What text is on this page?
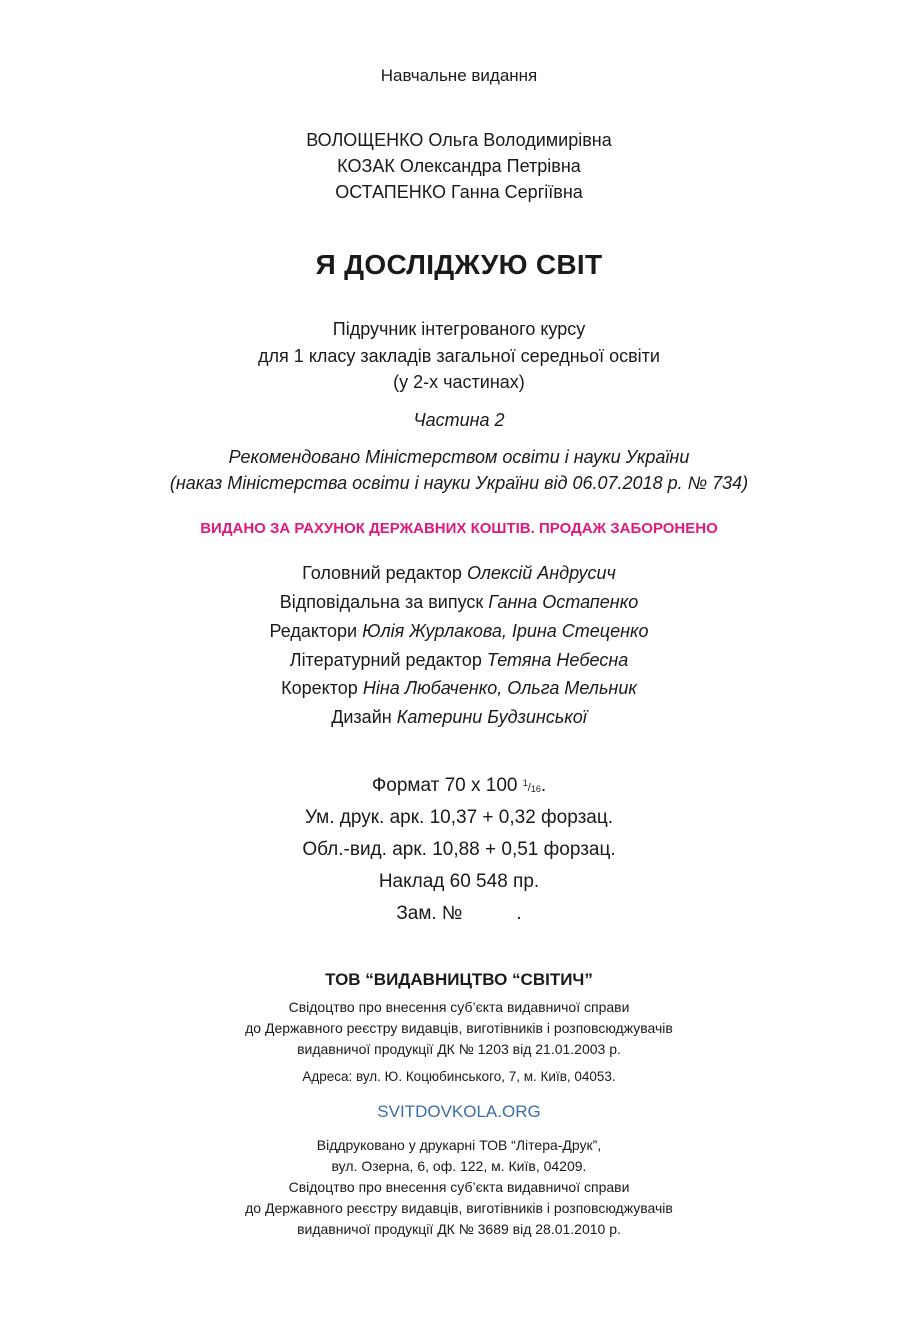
Навчальне видання
ВОЛОЩЕНКО Ольга Володимирівна
КОЗАК Олександра Петрівна
ОСТАПЕНКО Ганна Сергіївна
Я ДОСЛІДЖУЮ СВІТ
Підручник інтегрованого курсу
для 1 класу закладів загальної середньої освіти
(у 2-х частинах)
Частина 2
Рекомендовано Міністерством освіти і науки України
(наказ Міністерства освіти і науки України від 06.07.2018 р. № 734)
ВИДАНО ЗА РАХУНОК ДЕРЖАВНИХ КОШТІВ. ПРОДАЖ ЗАБОРОНЕНО
Головний редактор Олексій Андрусич
Відповідальна за випуск Ганна Остапенко
Редактори Юлія Журлакова, Ірина Стеценко
Літературний редактор Тетяна Небесна
Коректор Ніна Любаченко, Ольга Мельник
Дизайн Катерини Будзинської
Формат 70 х 100 $^1/_{16}$.
Ум. друк. арк. 10,37 + 0,32 форзац.
Обл.-вид. арк. 10,88 + 0,51 форзац.
Наклад 60 548 пр.
Зам. №	.
ТОВ “ВИДАВНИЦТВО “СВІТИЧ”
Свідоцтво про внесення суб’єкта видавничої справи
до Державного реєстру видавців, виготівників і розповсюджувачів
видавничої продукції ДК № 1203 від 21.01.2003 р.
Адреса: вул. Ю. Коцюбинського, 7, м. Київ, 04053.
SVITDOVKOLA.ORG
Віддруковано у друкарні ТОВ “Літера-Друк”,
вул. Озерна, 6, оф. 122, м. Київ, 04209.
Свідоцтво про внесення суб’єкта видавничої справи
до Державного реєстру видавців, виготівників і розповсюджувачів
видавничої продукції ДК № 3689 від 28.01.2010 р.
